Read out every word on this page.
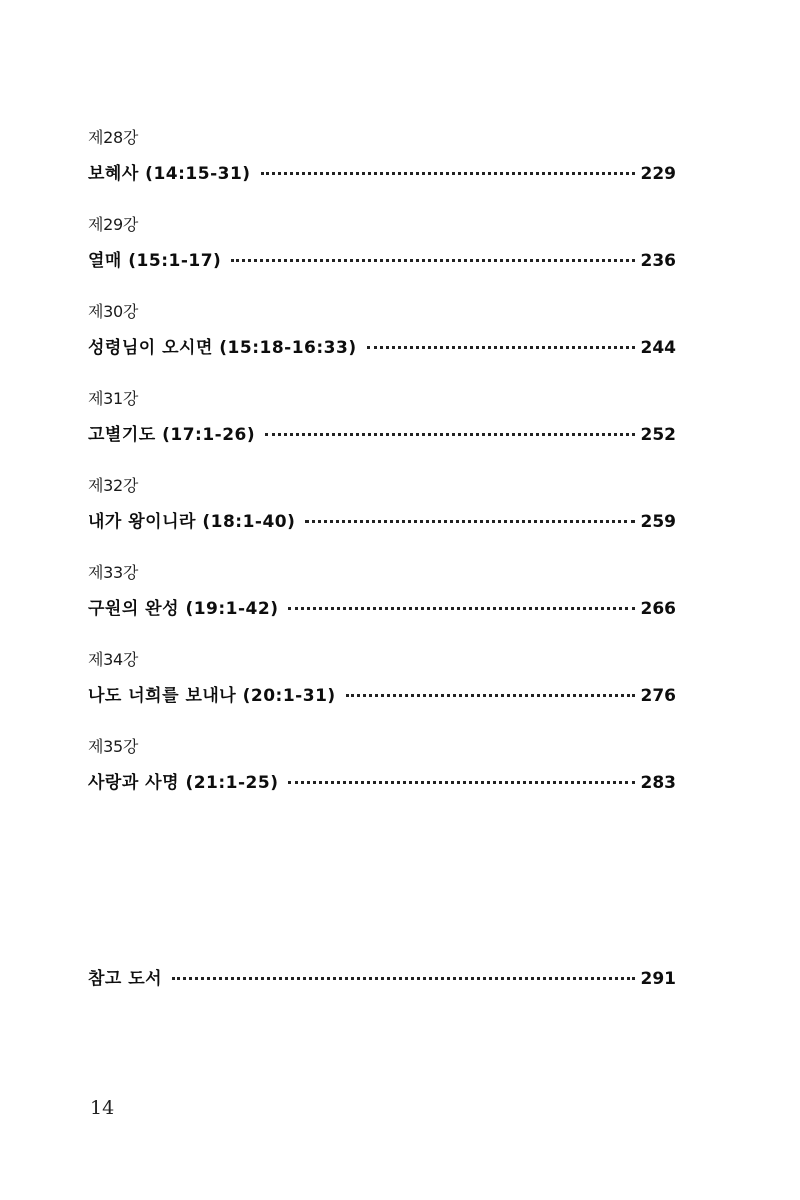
제28강
보혜사 (14:15-31)	229
제29강
열매 (15:1-17)	236
제30강
성령님이 오시면 (15:18-16:33)	244
제31강
고별기도 (17:1-26)	252
제32강
내가 왕이니라 (18:1-40)	259
제33강
구원의 완성 (19:1-42)	266
제34강
나도 너희를 보내나 (20:1-31)	276
제35강
사랑과 사명 (21:1-25)	283
참고 도서	291
14
